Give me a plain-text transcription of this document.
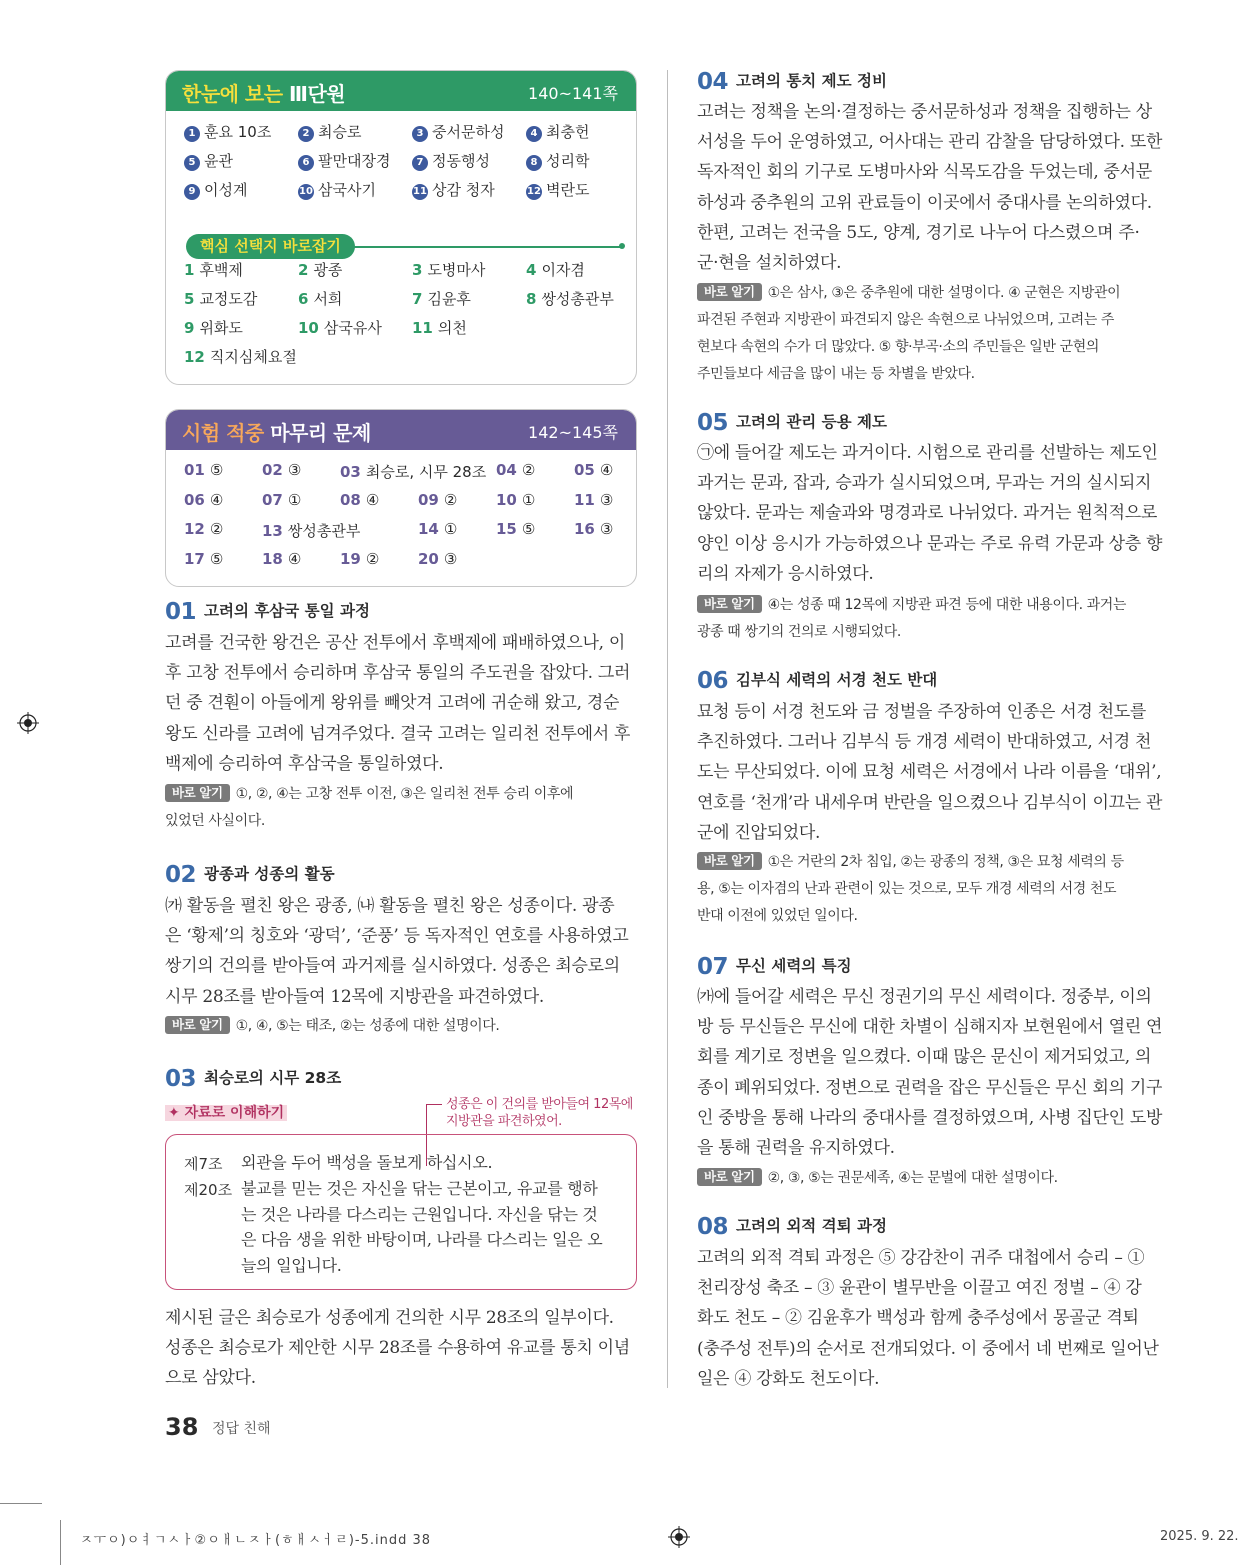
한눈에 보는 Ⅲ단원	140~141쪽
1 훈요 10조	2 최승로	3 중서문하성	4 최충헌
5 윤관	6 팔만대장경	7 정동행성	8 성리학
9 이성계	10 삼국사기	11 상감 청자	12 벽란도
핵심 선택지 바로잡기
1 후백제	2 광종	3 도병마사	4 이자겸
5 교정도감	6 서희	7 김윤후	8 쌍성총관부
9 위화도	10 삼국유사 11 의천
12 직지심체요절
시험 적중 마무리 문제	142~145쪽
01 ⑤	02 ③	03 최승로, 시무 28조 04 ②	05 ④
06 ④	07 ①	08 ④	09 ②	10 ①	11 ③
12 ②	13 쌍성총관부	14 ①	15 ⑤	16 ③
17 ⑤	18 ④	19 ②	20 ③
01 고려의 후삼국 통일 과정
고려를 건국한 왕건은 공산 전투에서 후백제에 패배하였으나, 이
후 고창 전투에서 승리하며 후삼국 통일의 주도권을 잡았다. 그러
던 중 견훤이 아들에게 왕위를 빼앗겨 고려에 귀순해 왔고, 경순
왕도 신라를 고려에 넘겨주었다. 결국 고려는 일리천 전투에서 후
백제에 승리하여 후삼국을 통일하였다.
바로 알기 ①, ②, ④는 고창 전투 이전, ③은 일리천 전투 승리 이후에
있었던 사실이다.
02 광종과 성종의 활동
㈎ 활동을 펼친 왕은 광종, ㈏ 활동을 펼친 왕은 성종이다. 광종
은 ‘황제’의 칭호와 ‘광덕’, ‘준풍’ 등 독자적인 연호를 사용하였고
쌍기의 건의를 받아들여 과거제를 실시하였다. 성종은 최승로의
시무 28조를 받아들여 12목에 지방관을 파견하였다.
바로 알기 ①, ④, ⑤는 태조, ②는 성종에 대한 설명이다.
03 최승로의 시무 28조
✦ 자료로 이해하기
성종은 이 건의를 받아들여 12목에
지방관을 파견하였어.
제7조 외관을 두어 백성을 돌보게 하십시오.
제20조 불교를 믿는 것은 자신을 닦는 근본이고, 유교를 행하
는 것은 나라를 다스리는 근원입니다. 자신을 닦는 것
은 다음 생을 위한 바탕이며, 나라를 다스리는 일은 오
늘의 일입니다.
제시된 글은 최승로가 성종에게 건의한 시무 28조의 일부이다.
성종은 최승로가 제안한 시무 28조를 수용하여 유교를 통치 이념
으로 삼았다.
04 고려의 통치 제도 정비
고려는 정책을 논의·결정하는 중서문하성과 정책을 집행하는 상
서성을 두어 운영하였고, 어사대는 관리 감찰을 담당하였다. 또한
독자적인 회의 기구로 도병마사와 식목도감을 두었는데, 중서문
하성과 중추원의 고위 관료들이 이곳에서 중대사를 논의하였다.
한편, 고려는 전국을 5도, 양계, 경기로 나누어 다스렸으며 주·
군·현을 설치하였다.
바로 알기 ①은 삼사, ③은 중추원에 대한 설명이다. ④ 군현은 지방관이
파견된 주현과 지방관이 파견되지 않은 속현으로 나뉘었으며, 고려는 주
현보다 속현의 수가 더 많았다. ⑤ 향·부곡·소의 주민들은 일반 군현의
주민들보다 세금을 많이 내는 등 차별을 받았다.
05 고려의 관리 등용 제도
㉠에 들어갈 제도는 과거이다. 시험으로 관리를 선발하는 제도인
과거는 문과, 잡과, 승과가 실시되었으며, 무과는 거의 실시되지
않았다. 문과는 제술과와 명경과로 나뉘었다. 과거는 원칙적으로
양인 이상 응시가 가능하였으나 문과는 주로 유력 가문과 상층 향
리의 자제가 응시하였다.
바로 알기 ④는 성종 때 12목에 지방관 파견 등에 대한 내용이다. 과거는
광종 때 쌍기의 건의로 시행되었다.
06 김부식 세력의 서경 천도 반대
묘청 등이 서경 천도와 금 정벌을 주장하여 인종은 서경 천도를
추진하였다. 그러나 김부식 등 개경 세력이 반대하였고, 서경 천
도는 무산되었다. 이에 묘청 세력은 서경에서 나라 이름을 ‘대위’,
연호를 ‘천개’라 내세우며 반란을 일으켰으나 김부식이 이끄는 관
군에 진압되었다.
바로 알기 ①은 거란의 2차 침입, ②는 광종의 정책, ③은 묘청 세력의 등
용, ⑤는 이자겸의 난과 관련이 있는 것으로, 모두 개경 세력의 서경 천도
반대 이전에 있었던 일이다.
07 무신 세력의 특징
㈎에 들어갈 세력은 무신 정권기의 무신 세력이다. 정중부, 이의
방 등 무신들은 무신에 대한 차별이 심해지자 보현원에서 열린 연
회를 계기로 정변을 일으켰다. 이때 많은 문신이 제거되었고, 의
종이 폐위되었다. 정변으로 권력을 잡은 무신들은 무신 회의 기구
인 중방을 통해 나라의 중대사를 결정하였으며, 사병 집단인 도방
을 통해 권력을 유지하였다.
바로 알기 ②, ③, ⑤는 권문세족, ④는 문벌에 대한 설명이다.
08 고려의 외적 격퇴 과정
고려의 외적 격퇴 과정은 ⑤ 강감찬이 귀주 대첩에서 승리 – ①
천리장성 축조 – ③ 윤관이 별무반을 이끌고 여진 정벌 – ④ 강
화도 천도 – ② 김윤후가 백성과 함께 충주성에서 몽골군 격퇴
(충주성 전투)의 순서로 전개되었다. 이 중에서 네 번째로 일어난
일은 ④ 강화도 천도이다.
38 정답 친해
ㅈㅜㅇ)ㅇㅕㄱㅅㅏ②ㅇㅐㄴㅈㅏ(ㅎㅐㅅㅓㄹ)-5.indd 38	2025. 9. 22.
